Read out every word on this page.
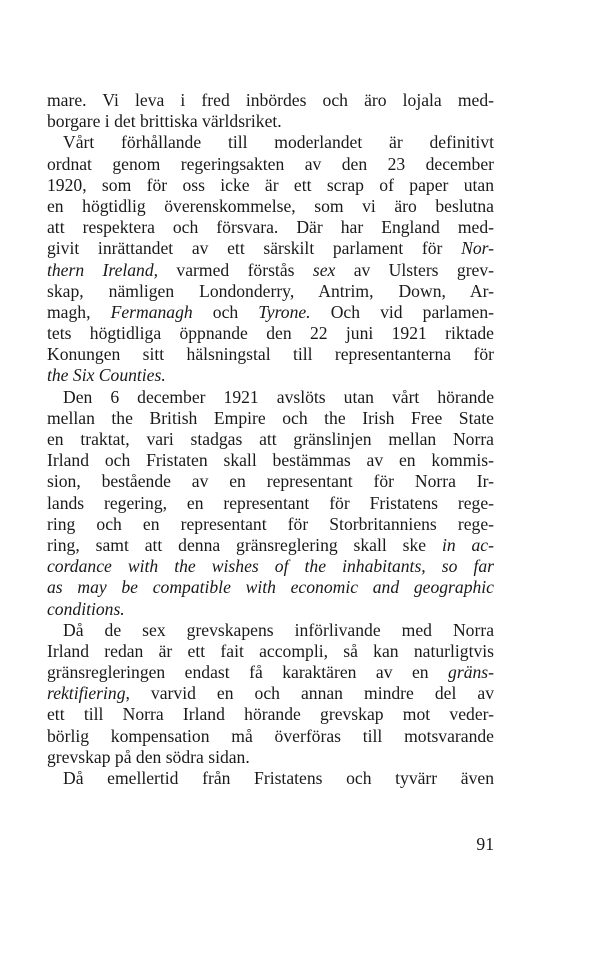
mare. Vi leva i fred inbördes och äro lojala med-
borgare i det brittiska världsriket.
Vårt förhållande till moderlandet är definitivt
ordnat genom regeringsakten av den 23 december
1920, som för oss icke är ett scrap of paper utan
en högtidlig överenskommelse, som vi äro beslutna
att respektera och försvara. Där har England med-
givit inrättandet av ett särskilt parlament för Nor-
thern Ireland, varmed förstås sex av Ulsters grev-
skap, nämligen Londonderry, Antrim, Down, Ar-
magh, Fermanagh och Tyrone. Och vid parlamen-
tets högtidliga öppnande den 22 juni 1921 riktade
Konungen sitt hälsningstal till representanterna för
the Six Counties.
Den 6 december 1921 avslöts utan vårt hörande
mellan the British Empire och the Irish Free State
en traktat, vari stadgas att gränslinjen mellan Norra
Irland och Fristaten skall bestämmas av en kommis-
sion, bestående av en representant för Norra Ir-
lands regering, en representant för Fristatens rege-
ring och en representant för Storbritanniens rege-
ring, samt att denna gränsreglering skall ske in ac-
cordance with the wishes of the inhabitants, so far
as may be compatible with economic and geographic
conditions.
Då de sex grevskapens införlivande med Norra
Irland redan är ett fait accompli, så kan naturligtvis
gränsregleringen endast få karaktären av en gräns-
rektifiering, varvid en och annan mindre del av
ett till Norra Irland hörande grevskap mot veder-
börlig kompensation må överföras till motsvarande
grevskap på den södra sidan.
Då emellertid från Fristatens och tyvärr även
91
